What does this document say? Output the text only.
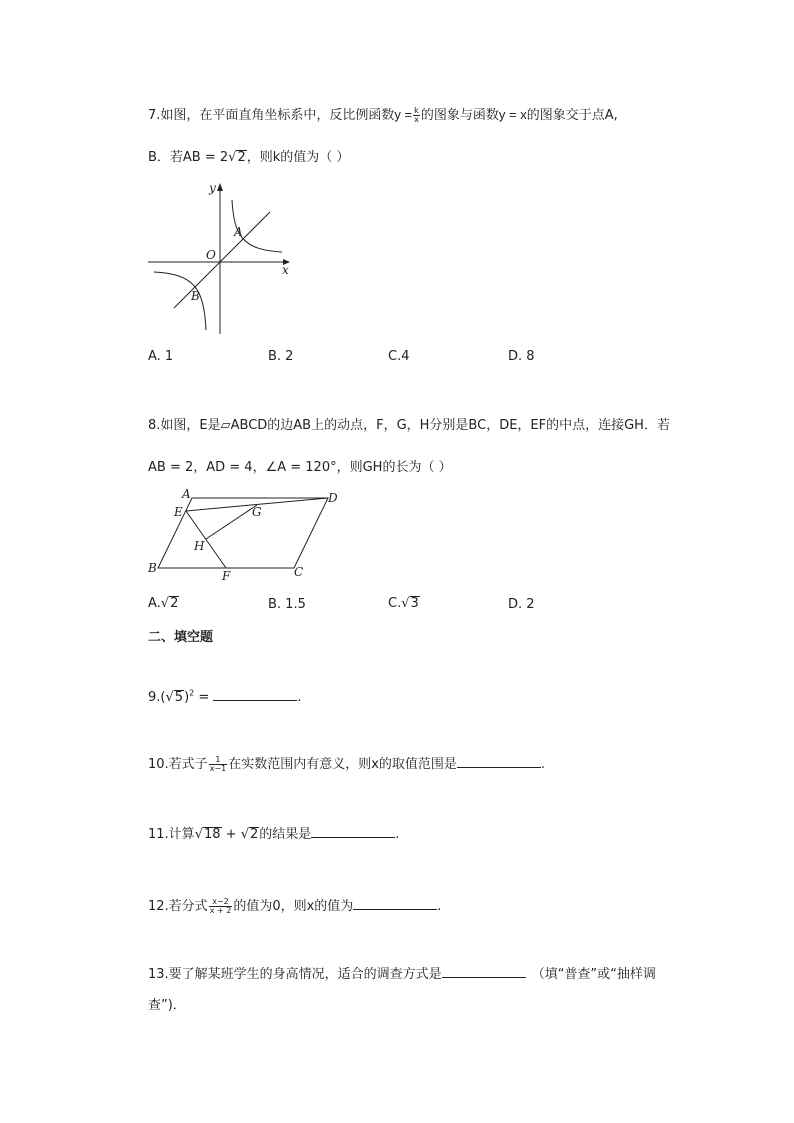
7.如图，在平面直角坐标系中，反比例函数$y = \frac{k}{x}$ 的图象与函数y = x的图象交于点A,
B．若AB = 2√2，则k的值为（ ）
y
x
O
A
B
A. 1	B. 2	C.4	D. 8
8.如图，E是▱ABCD的边AB上的动点，F，G，H分别是BC，DE，EF的中点，连接GH．若
AB = 2，AD = 4，∠A = 120°，则GH的长为（ ）
A	D
E	G
H
B
F	C
A.√2	B. 1.5	C.√3	D. 2
二、填空题
$9.(√5)^2$ =	.
10.若式子 $\frac{1}{x-1}$ 在实数范围内有意义，则x的取值范围是	.
11.计算√18 + √2的结果是	.
12.若分式 $\frac{x-2}{x + 2}$ 的值为0，则x的值为	.
13.要了解某班学生的身高情况，适合的调查方式是	（填“普查”或“抽样调
查”)．
